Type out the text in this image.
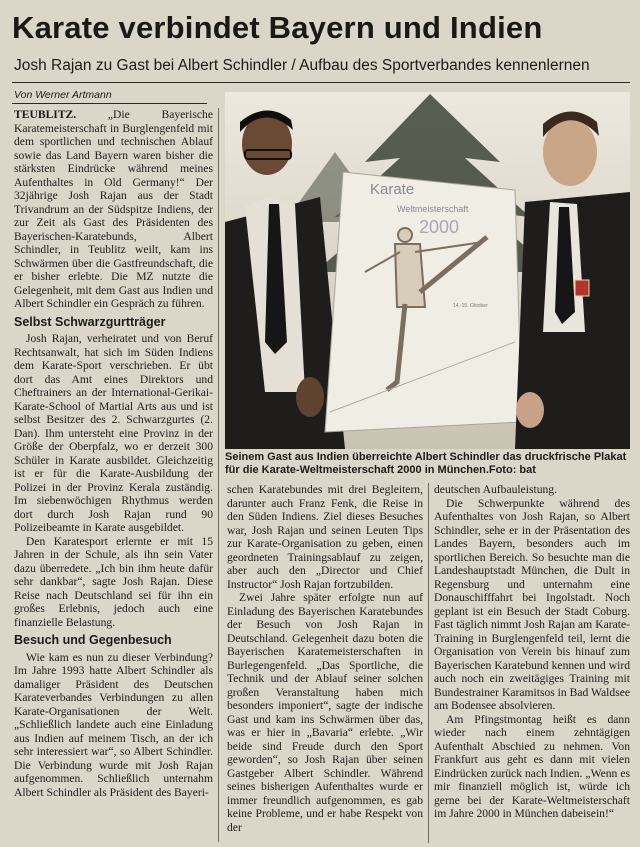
Karate verbindet Bayern und Indien

Josh Rajan zu Gast bei Albert Schindler / Aufbau des Sportverbandes kennenlernen

Von Werner Artmann

TEUBLITZ.	„Die Bayerische Karatemeisterschaft in Burglengenfeld mit dem sportlichen und technischen Ablauf sowie das Land Bayern waren bisher die stärksten Eindrücke während meines Aufenthaltes in Old Germany!“ Der 32jährige Josh Rajan aus der Stadt Trivandrum an der Südspitze Indiens, der zur Zeit als Gast des Präsidenten des Bayerischen-Karatebunds, Albert Schindler, in Teublitz weilt, kam ins Schwärmen über die Gastfreundschaft, die er bisher erlebte. Die MZ nutzte die Gelegenheit, mit dem Gast aus Indien und Albert Schindler ein Gespräch zu führen.

Selbst Schwarzgurtträger

Josh Rajan, verheiratet und von Beruf Rechtsanwalt, hat sich im Süden Indiens dem Karate-Sport verschrieben. Er übt dort das Amt eines Direktors und Cheftrainers an der International-Gerikai-Karate-School of Martial Arts aus und ist selbst Besitzer des 2. Schwarzgurtes (2. Dan). Ihm untersteht eine Provinz in der Größe der Oberpfalz, wo er derzeit 300 Schüler in Karate ausbildet. Gleichzeitig ist er für die Karate-Ausbildung der Polizei in der Provinz Kerala zuständig. Im siebenwöchigen Rhythmus werden dort durch Josh Rajan rund 90 Polizeibeamte in Karate ausgebildet.

Den Karatesport erlernte er mit 15 Jahren in der Schule, als ihn sein Vater dazu überredete. „Ich bin ihm heute dafür sehr dankbar“, sagte Josh Rajan. Diese Reise nach Deutschland sei für ihn ein großes Erlebnis, jedoch auch eine finanzielle Belastung.

Besuch und Gegenbesuch

Wie kam es nun zu dieser Verbindung? Im Jahre 1993 hatte Albert Schindler als damaliger Präsident des Deutschen Karateverbandes Verbindungen zu allen Karate-Organisationen der Welt. „Schließlich landete auch eine Einladung aus Indien auf meinem Tisch, an der ich sehr interessiert war“, so Albert Schindler. Die Verbindung wurde mit Josh Rajan aufgenommen. Schließlich unternahm Albert Schindler als Präsident des Bayeri-

Karate
Weltmeisterschaft
2000
14.-15. Oktober

Seinem Gast aus Indien überreichte Albert Schindler das druckfrische Plakat für die Karate-Weltmeisterschaft 2000 in München.Foto: bat

schen Karatebundes mit drei Begleitern, darunter auch Franz Fenk, die Reise in den Süden Indiens. Ziel dieses Besuches war, Josh Rajan und seinen Leuten Tips zur Karate-Organisation zu geben, einen geordneten Trainingsablauf zu zeigen, aber auch den „Director und Chief Instructor“ Josh Rajan fortzubilden.

Zwei Jahre später erfolgte nun auf Einladung des Bayerischen Karatebundes der Besuch von Josh Rajan in Deutschland. Gelegenheit dazu boten die Bayerischen Karatemeisterschaften in Burlegengenfeld. „Das Sportliche, die Technik und der Ablauf seiner solchen großen Veranstaltung haben mich besonders imponiert“, sagte der indische Gast und kam ins Schwärmen über das, was er hier in „Bavaria“ erlebte. „Wir beide sind Freude durch den Sport geworden“, so Josh Rajan über seinen Gastgeber Albert Schindler. Während seines bisherigen Aufenthaltes wurde er immer freundlich aufgenommen, es gab keine Probleme, und er habe Respekt von der

deutschen Aufbauleistung.

Die Schwerpunkte während des Aufenthaltes von Josh Rajan, so Albert Schindler, sehe er in der Präsentation des Landes Bayern, besonders auch im sportlichen Bereich. So besuchte man die Landeshauptstadt München, die Dult in Regensburg und unternahm eine Donauschifffahrt bei Ingolstadt. Noch geplant ist ein Besuch der Stadt Coburg. Fast täglich nimmt Josh Rajan am Karate-Training in Burglengenfeld teil, lernt die Organisation von Verein bis hinauf zum Bayerischen Karatebund kennen und wird auch noch ein zweitägiges Training mit Bundestrainer Karamitsos in Bad Waldsee am Bodensee absolvieren.

Am Pfingstmontag heißt es dann wieder nach einem zehntägigen Aufenthalt Abschied zu nehmen. Von Frankfurt aus geht es dann mit vielen Eindrücken zurück nach Indien. „Wenn es mir finanziell möglich ist, würde ich gerne bei der Karate-Weltmeisterschaft im Jahre 2000 in München dabeisein!“
